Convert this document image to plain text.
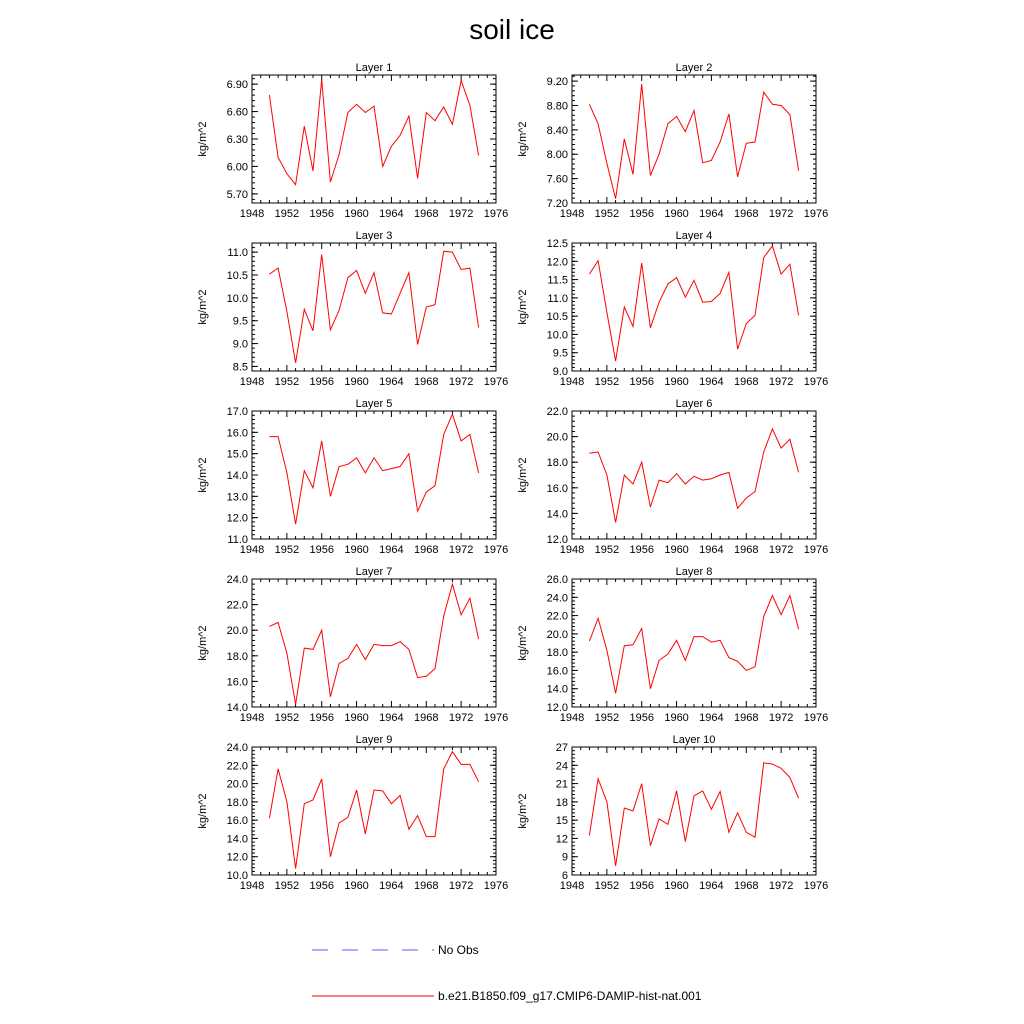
soil ice
Layer 1
kg/m^2
1948 1952 1956 1960 1964 1968 1972 1976
5.70
6.00
6.30
6.60
6.90
Layer 2
kg/m^2
1948 1952 1956 1960 1964 1968 1972 1976
7.20
7.60
8.00
8.40
8.80
9.20
Layer 3
kg/m^2
1948 1952 1956 1960 1964 1968 1972 1976
8.5
9.0
9.5
10.0
10.5
11.0
Layer 4
kg/m^2
1948 1952 1956 1960 1964 1968 1972 1976
9.0
9.5
10.0
10.5
11.0
11.5
12.0
12.5
Layer 5
kg/m^2
1948 1952 1956 1960 1964 1968 1972 1976
11.0
12.0
13.0
14.0
15.0
16.0
17.0
Layer 6
kg/m^2
1948 1952 1956 1960 1964 1968 1972 1976
12.0
14.0
16.0
18.0
20.0
22.0
Layer 7
kg/m^2
1948 1952 1956 1960 1964 1968 1972 1976
14.0
16.0
18.0
20.0
22.0
24.0
Layer 8
kg/m^2
1948 1952 1956 1960 1964 1968 1972 1976
12.0
14.0
16.0
18.0
20.0
22.0
24.0
26.0
Layer 9
kg/m^2
1948 1952 1956 1960 1964 1968 1972 1976
10.0
12.0
14.0
16.0
18.0
20.0
22.0
24.0
Layer 10
kg/m^2
1948 1952 1956 1960 1964 1968 1972 1976
6
9
12
15
18
21
24
27
No Obs
b.e21.B1850.f09_g17.CMIP6-DAMIP-hist-nat.001
